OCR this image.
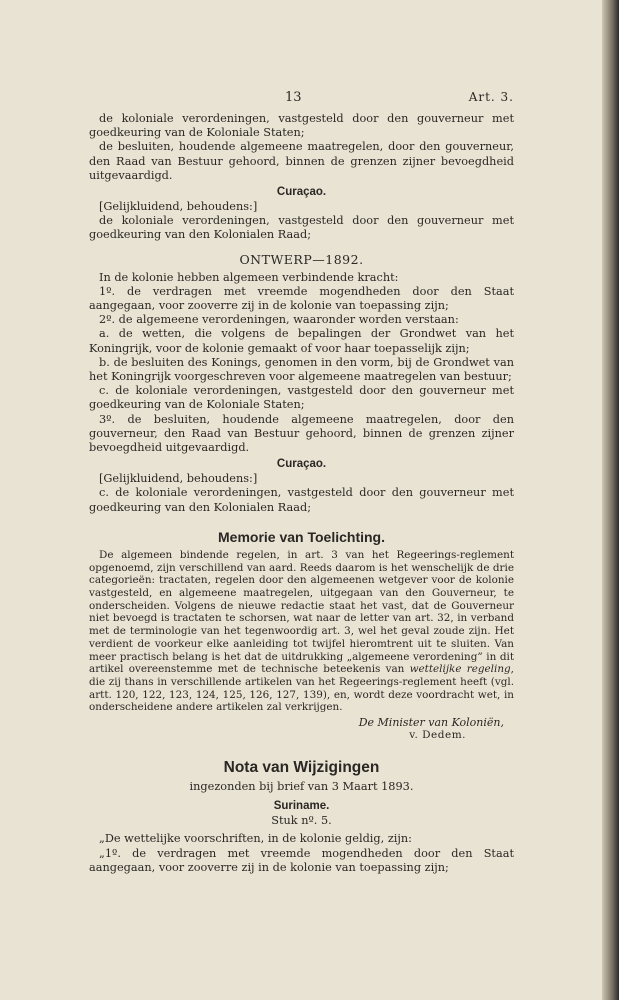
13	Art. 3.

de koloniale verordeningen, vastgesteld door den gouverneur met goedkeuring van de Koloniale Staten;

de besluiten, houdende algemeene maatregelen, door den gouverneur, den Raad van Bestuur gehoord, binnen de grenzen zijner bevoegdheid uitgevaardigd.

Curaçao.

[Gelijkluidend, behoudens:]

de koloniale verordeningen, vastgesteld door den gouverneur met goedkeuring van den Kolonialen Raad;

ONTWERP—1892.

In de kolonie hebben algemeen verbindende kracht:

1º. de verdragen met vreemde mogendheden door den Staat aangegaan, voor zooverre zij in de kolonie van toepassing zijn;

2º. de algemeene verordeningen, waaronder worden verstaan:

a. de wetten, die volgens de bepalingen der Grondwet van het Koningrijk, voor de kolonie gemaakt of voor haar toepasselijk zijn;

b. de besluiten des Konings, genomen in den vorm, bij de Grondwet van het Koningrijk voorgeschreven voor algemeene maatregelen van bestuur;

c. de koloniale verordeningen, vastgesteld door den gouverneur met goedkeuring van de Koloniale Staten;

3º. de besluiten, houdende algemeene maatregelen, door den gouverneur, den Raad van Bestuur gehoord, binnen de grenzen zijner bevoegdheid uitgevaardigd.

Curaçao.

[Gelijkluidend, behoudens:]

c. de koloniale verordeningen, vastgesteld door den gouverneur met goedkeuring van den Kolonialen Raad;

Memorie van Toelichting.

De algemeen bindende regelen, in art. 3 van het Regeerings-reglement opgenoemd, zijn verschillend van aard. Reeds daarom is het wenschelijk de drie categorieën: tractaten, regelen door den algemeenen wetgever voor de kolonie vastgesteld, en algemeene maatregelen, uitgegaan van den Gouverneur, te onderscheiden. Volgens de nieuwe redactie staat het vast, dat de Gouverneur niet bevoegd is tractaten te schorsen, wat naar de letter van art. 32, in verband met de terminologie van het tegenwoordig art. 3, wel het geval zoude zijn. Het verdient de voorkeur elke aanleiding tot twijfel hieromtrent uit te sluiten. Van meer practisch belang is het dat de uitdrukking „algemeene verordening” in dit artikel overeenstemme met de technische beteekenis van wettelijke regeling, die zij thans in verschillende artikelen van het Regeerings-reglement heeft (vgl. artt. 120, 122, 123, 124, 125, 126, 127, 139), en, wordt deze voordracht wet, in onderscheidene andere artikelen zal verkrijgen.

De Minister van Koloniën,
v. Dedem.
Nota van Wijzigingen

ingezonden bij brief van 3 Maart 1893.

Suriname.

Stuk nº. 5.

„De wettelijke voorschriften, in de kolonie geldig, zijn:

„1º. de verdragen met vreemde mogendheden door den Staat aangegaan, voor zooverre zij in de kolonie van toepassing zijn;
